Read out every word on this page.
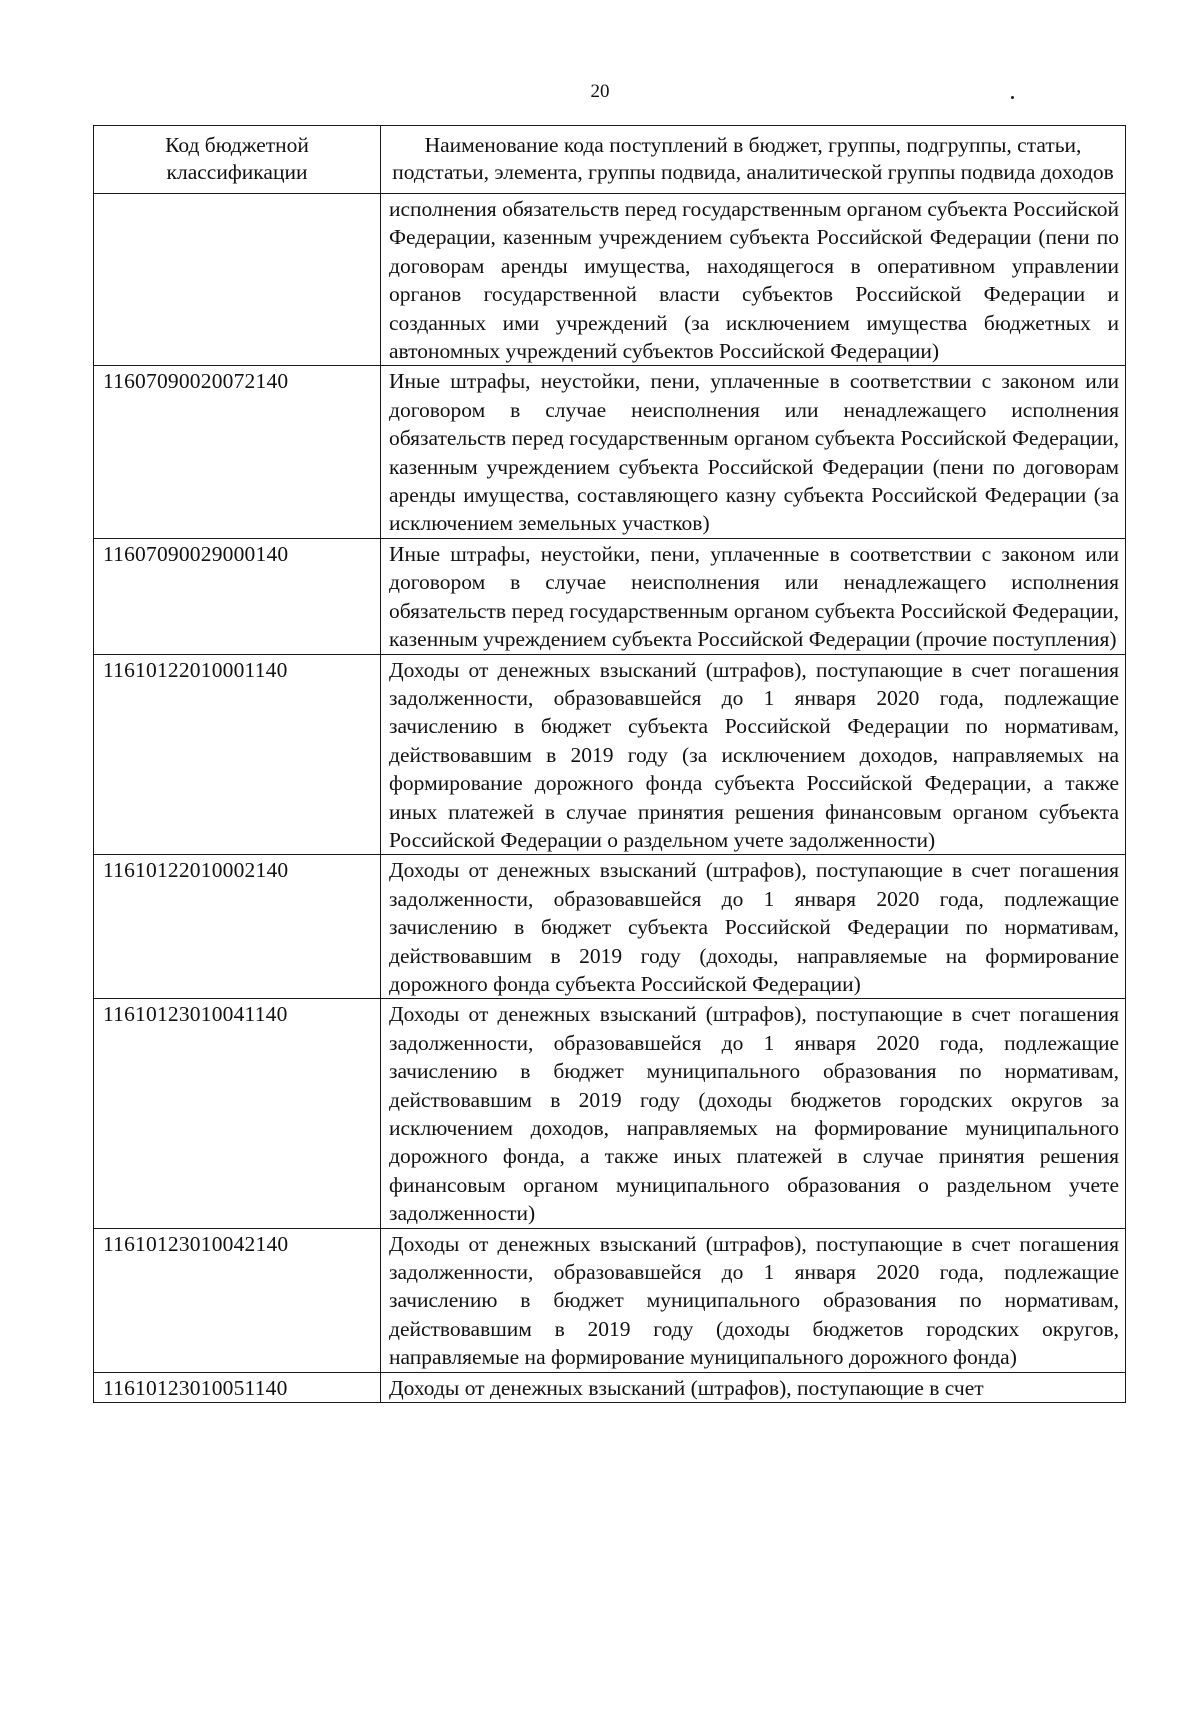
20
Код бюджетной классификации	Наименование кода поступлений в бюджет, группы, подгруппы, статьи, подстатьи, элемента, группы подвида, аналитической группы подвида доходов
	исполнения обязательств перед государственным органом субъекта Российской Федерации, казенным учреждением субъекта Российской Федерации (пени по договорам аренды имущества, находящегося в оперативном управлении органов государственной власти субъектов Российской Федерации и созданных ими учреждений (за исключением имущества бюджетных и автономных учреждений субъектов Российской Федерации)
11607090020072140	Иные штрафы, неустойки, пени, уплаченные в соответствии с законом или договором в случае неисполнения или ненадлежащего исполнения обязательств перед государственным органом субъекта Российской Федерации, казенным учреждением субъекта Российской Федерации (пени по договорам аренды имущества, составляющего казну субъекта Российской Федерации (за исключением земельных участков)
11607090029000140	Иные штрафы, неустойки, пени, уплаченные в соответствии с законом или договором в случае неисполнения или ненадлежащего исполнения обязательств перед государственным органом субъекта Российской Федерации, казенным учреждением субъекта Российской Федерации (прочие поступления)
11610122010001140	Доходы от денежных взысканий (штрафов), поступающие в счет погашения задолженности, образовавшейся до 1 января 2020 года, подлежащие зачислению в бюджет субъекта Российской Федерации по нормативам, действовавшим в 2019 году (за исключением доходов, направляемых на формирование дорожного фонда субъекта Российской Федерации, а также иных платежей в случае принятия решения финансовым органом субъекта Российской Федерации о раздельном учете задолженности)
11610122010002140	Доходы от денежных взысканий (штрафов), поступающие в счет погашения задолженности, образовавшейся до 1 января 2020 года, подлежащие зачислению в бюджет субъекта Российской Федерации по нормативам, действовавшим в 2019 году (доходы, направляемые на формирование дорожного фонда субъекта Российской Федерации)
11610123010041140	Доходы от денежных взысканий (штрафов), поступающие в счет погашения задолженности, образовавшейся до 1 января 2020 года, подлежащие зачислению в бюджет муниципального образования по нормативам, действовавшим в 2019 году (доходы бюджетов городских округов за исключением доходов, направляемых на формирование муниципального дорожного фонда, а также иных платежей в случае принятия решения финансовым органом муниципального образования о раздельном учете задолженности)
11610123010042140	Доходы от денежных взысканий (штрафов), поступающие в счет погашения задолженности, образовавшейся до 1 января 2020 года, подлежащие зачислению в бюджет муниципального образования по нормативам, действовавшим в 2019 году (доходы бюджетов городских округов, направляемые на формирование муниципального дорожного фонда)
11610123010051140	Доходы от денежных взысканий (штрафов), поступающие в счет
